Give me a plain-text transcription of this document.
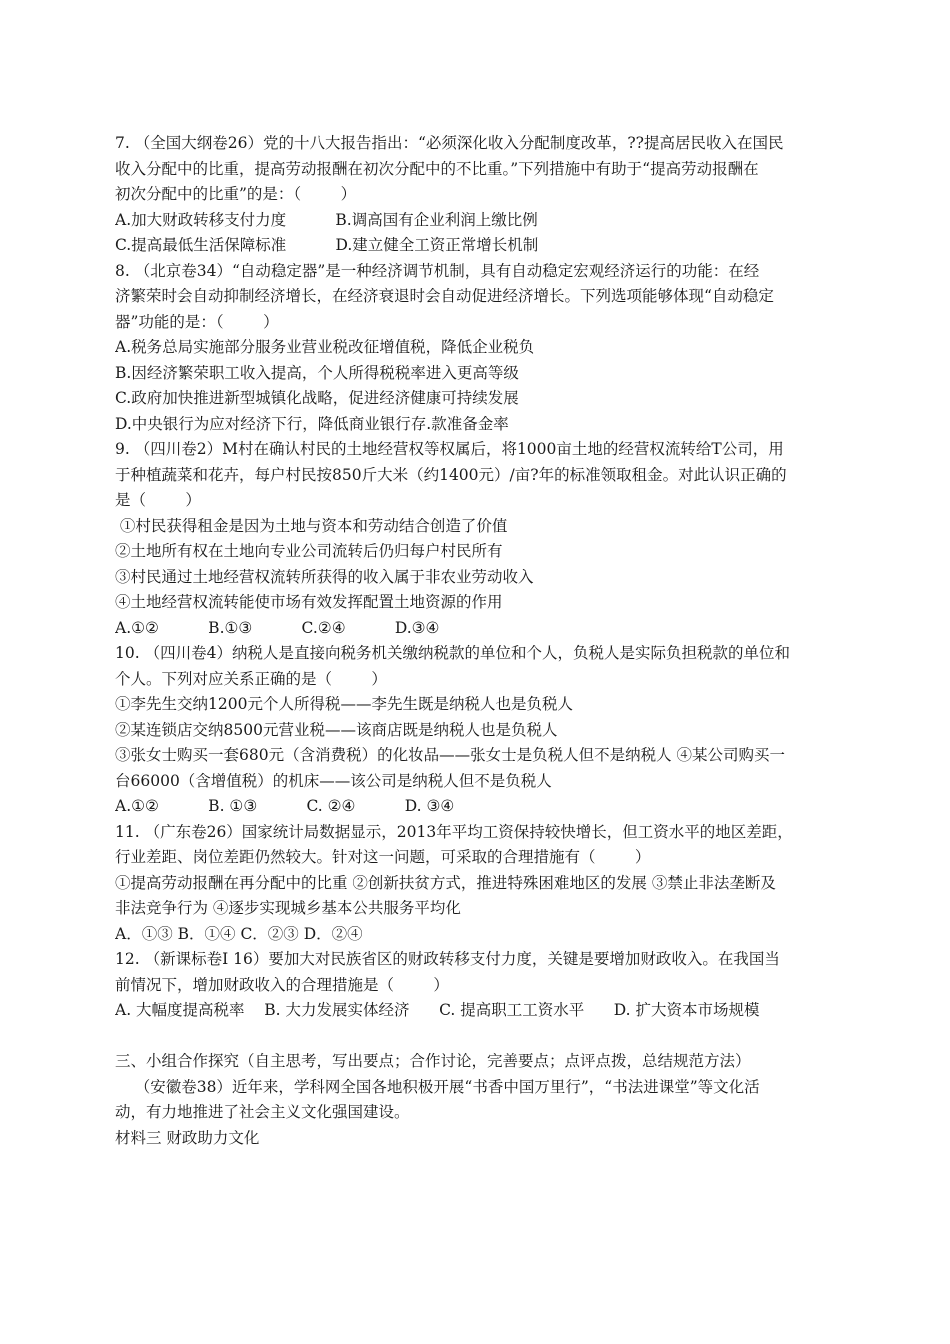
7. （全国大纲卷26）党的十八大报告指出：“必须深化收入分配制度改革，??提高居民收入在国民
收入分配中的比重，提高劳动报酬在初次分配中的不比重。”下列措施中有助于“提高劳动报酬在
初次分配中的比重”的是：（        ）
A.加大财政转移支付力度          B.调高国有企业利润上缴比例
C.提高最低生活保障标准          D.建立健全工资正常增长机制
8. （北京卷34）“自动稳定器”是一种经济调节机制，具有自动稳定宏观经济运行的功能：在经
济繁荣时会自动抑制经济增长，在经济衰退时会自动促进经济增长。下列选项能够体现“自动稳定
器”功能的是：（        ）
A.税务总局实施部分服务业营业税改征增值税，降低企业税负
B.因经济繁荣职工收入提高，个人所得税税率进入更高等级
C.政府加快推进新型城镇化战略，促进经济健康可持续发展
D.中央银行为应对经济下行，降低商业银行存.款准备金率
9. （四川卷2）M村在确认村民的土地经营权等权属后，将1000亩土地的经营权流转给T公司，用
于种植蔬菜和花卉，每户村民按850斤大米（约1400元）/亩?年的标准领取租金。对此认识正确的
是（        ）
①村民获得租金是因为土地与资本和劳动结合创造了价值
②土地所有权在土地向专业公司流转后仍归每户村民所有
③村民通过土地经营权流转所获得的收入属于非农业劳动收入
④土地经营权流转能使市场有效发挥配置土地资源的作用
A.①②          B.①③          C.②④          D.③④
10. （四川卷4）纳税人是直接向税务机关缴纳税款的单位和个人，负税人是实际负担税款的单位和
个人。下列对应关系正确的是（        ）
①李先生交纳1200元个人所得税——李先生既是纳税人也是负税人
②某连锁店交纳8500元营业税——该商店既是纳税人也是负税人
③张女士购买一套680元（含消费税）的化妆品——张女士是负税人但不是纳税人 ④某公司购买一
台66000（含增值税）的机床——该公司是纳税人但不是负税人
A.①②          B. ①③          C. ②④          D. ③④
11. （广东卷26）国家统计局数据显示，2013年平均工资保持较快增长，但工资水平的地区差距，
行业差距、岗位差距仍然较大。针对这一问题，可采取的合理措施有（        ）
①提高劳动报酬在再分配中的比重 ②创新扶贫方式，推进特殊困难地区的发展 ③禁止非法垄断及
非法竞争行为 ④逐步实现城乡基本公共服务平均化
A．①③ B．①④ C．②③ D．②④
12. （新课标卷Ⅰ 16）要加大对民族省区的财政转移支付力度，关键是要增加财政收入。在我国当
前情况下，增加财政收入的合理措施是（        ）
A. 大幅度提高税率    B. 大力发展实体经济      C. 提高职工工资水平      D. 扩大资本市场规模
三、小组合作探究（自主思考，写出要点；合作讨论，完善要点；点评点拨，总结规范方法）
（安徽卷38）近年来，学科网全国各地积极开展“书香中国万里行”，“书法进课堂”等文化活
动，有力地推进了社会主义文化强国建设。
材料三 财政助力文化
